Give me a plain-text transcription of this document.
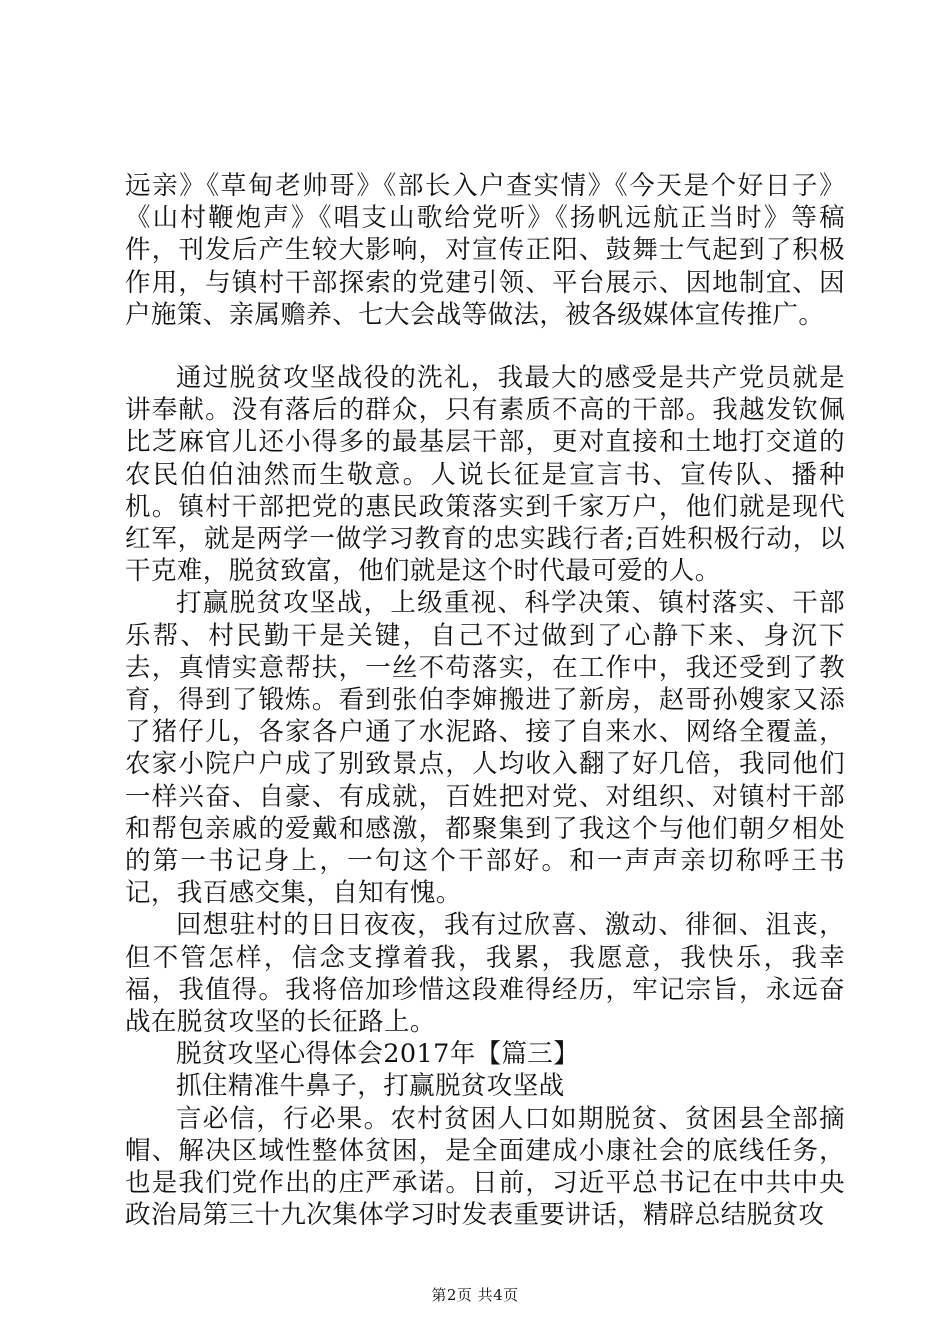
远亲》《草甸老帅哥》《部长入户查实情》《今天是个好日子》《山村鞭炮声》《唱支山歌给党听》《扬帆远航正当时》等稿件，刊发后产生较大影响，对宣传正阳、鼓舞士气起到了积极作用，与镇村干部探索的党建引领、平台展示、因地制宜、因户施策、亲属赡养、七大会战等做法，被各级媒体宣传推广。

通过脱贫攻坚战役的洗礼，我最大的感受是共产党员就是讲奉献。没有落后的群众，只有素质不高的干部。我越发钦佩比芝麻官儿还小得多的最基层干部，更对直接和土地打交道的农民伯伯油然而生敬意。人说长征是宣言书、宣传队、播种机。镇村干部把党的惠民政策落实到千家万户，他们就是现代红军，就是两学一做学习教育的忠实践行者;百姓积极行动，以干克难，脱贫致富，他们就是这个时代最可爱的人。

打赢脱贫攻坚战，上级重视、科学决策、镇村落实、干部乐帮、村民勤干是关键，自己不过做到了心静下来、身沉下去，真情实意帮扶，一丝不苟落实，在工作中，我还受到了教育，得到了锻炼。看到张伯李婶搬进了新房，赵哥孙嫂家又添了猪仔儿，各家各户通了水泥路、接了自来水、网络全覆盖，农家小院户户成了别致景点，人均收入翻了好几倍，我同他们一样兴奋、自豪、有成就，百姓把对党、对组织、对镇村干部和帮包亲戚的爱戴和感激，都聚集到了我这个与他们朝夕相处的第一书记身上，一句这个干部好。和一声声亲切称呼王书记，我百感交集，自知有愧。

回想驻村的日日夜夜，我有过欣喜、激动、徘徊、沮丧，但不管怎样，信念支撑着我，我累，我愿意，我快乐，我幸福，我值得。我将倍加珍惜这段难得经历，牢记宗旨，永远奋战在脱贫攻坚的长征路上。

脱贫攻坚心得体会2017年【篇三】

抓住精准牛鼻子，打赢脱贫攻坚战

言必信，行必果。农村贫困人口如期脱贫、贫困县全部摘帽、解决区域性整体贫困，是全面建成小康社会的底线任务，也是我们党作出的庄严承诺。日前，习近平总书记在中共中央政治局第三十九次集体学习时发表重要讲话，精辟总结脱贫攻

第2页 共4页
